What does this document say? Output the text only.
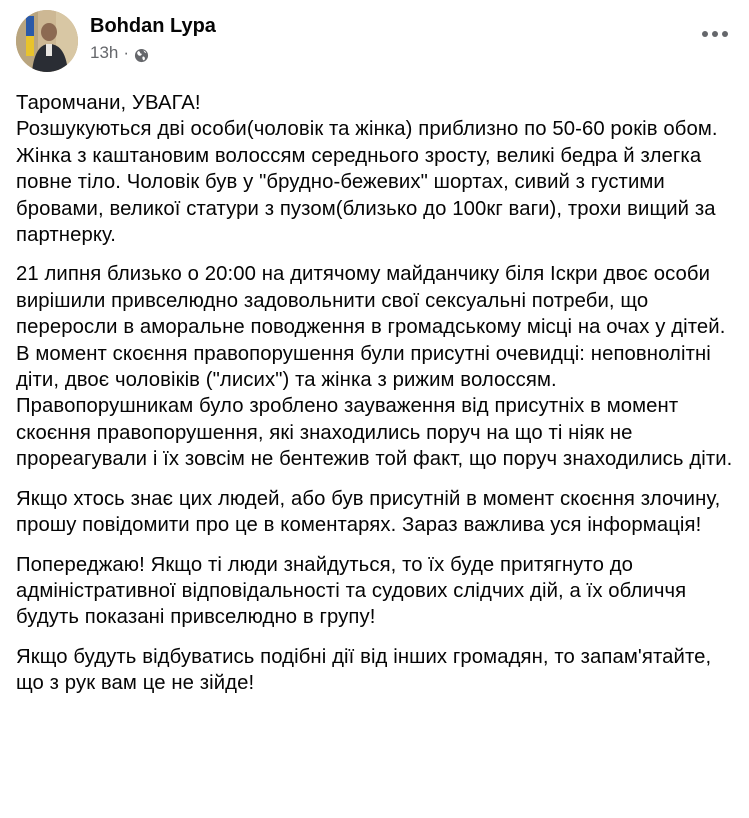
Bohdan Lypa
13h ·

Таромчани, УВАГА!
Розшукуються дві особи(чоловік та жінка) приблизно по 50-60 років обом. Жінка з каштановим волоссям середнього зросту, великі бедра й злегка повне тіло. Чоловік був у "брудно-бежевих" шортах, сивий з густими бровами, великої статури з пузом(близько до 100кг ваги), трохи вищий за партнерку.

21 липня близько о 20:00 на дитячому майданчику біля Іскри двоє особи вирішили привселюдно задовольнити свої сексуальні потреби, що переросли в аморальне поводження в громадському місці на очах у дітей. В момент скоєння правопорушення були присутні очевидці: неповнолітні діти, двоє чоловіків ("лисих") та жінка з рижим волоссям. Правопорушникам було зроблено зауваження від присутніх в момент скоєння правопорушення, які знаходились поруч на що ті ніяк не прореагували і їх зовсім не бентежив той факт, що поруч знаходились діти.

Якщо хтось знає цих людей, або був присутній в момент скоєння злочину, прошу повідомити про це в коментарях. Зараз важлива уся інформація!

Попереджаю! Якщо ті люди знайдуться, то їх буде притягнуто до адміністративної відповідальності та судових слідчих дій, а їх обличчя будуть показані привселюдно в групу!

Якщо будуть відбуватись подібні дії від інших громадян, то запам'ятайте, що з рук вам це не зійде!
